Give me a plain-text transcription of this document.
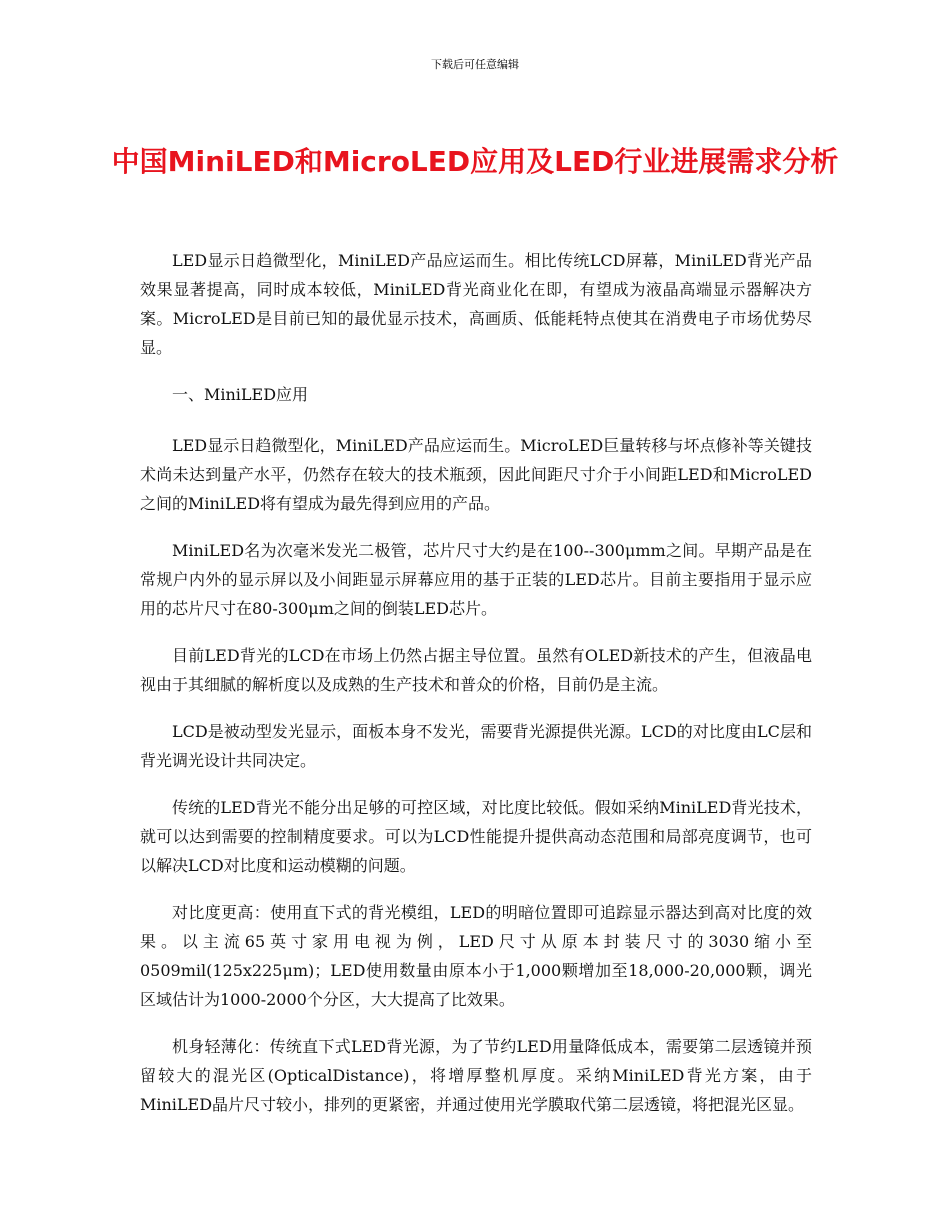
下载后可任意编辑
中国MiniLED和MicroLED应用及LED行业进展需求分析

LED显示日趋微型化，MiniLED产品应运而生。相比传统LCD屏幕，MiniLED背光产品效果显著提高，同时成本较低，MiniLED背光商业化在即，有望成为液晶高端显示器解决方案。MicroLED是目前已知的最优显示技术，高画质、低能耗特点使其在消费电子市场优势尽显。

一、MiniLED应用

LED显示日趋微型化，MiniLED产品应运而生。MicroLED巨量转移与坏点修补等关键技术尚未达到量产水平，仍然存在较大的技术瓶颈，因此间距尺寸介于小间距LED和MicroLED之间的MiniLED将有望成为最先得到应用的产品。

MiniLED名为次毫米发光二极管，芯片尺寸大约是在100--300μmm之间。早期产品是在常规户内外的显示屏以及小间距显示屏幕应用的基于正装的LED芯片。目前主要指用于显示应用的芯片尺寸在80-300μm之间的倒装LED芯片。

目前LED背光的LCD在市场上仍然占据主导位置。虽然有OLED新技术的产生，但液晶电视由于其细腻的解析度以及成熟的生产技术和普众的价格，目前仍是主流。

LCD是被动型发光显示，面板本身不发光，需要背光源提供光源。LCD的对比度由LC层和背光调光设计共同决定。

传统的LED背光不能分出足够的可控区域，对比度比较低。假如采纳MiniLED背光技术，就可以达到需要的控制精度要求。可以为LCD性能提升提供高动态范围和局部亮度调节，也可以解决LCD对比度和运动模糊的问题。

对比度更高：使用直下式的背光模组，LED的明暗位置即可追踪显示器达到高对比度的效果。以主流65英寸家用电视为例，LED尺寸从原本封装尺寸的3030缩小至0509mil(125x225μm)；LED使用数量由原本小于1,000颗增加至18,000-20,000颗，调光区域估计为1000-2000个分区，大大提高了比效果。

机身轻薄化：传统直下式LED背光源，为了节约LED用量降低成本，需要第二层透镜并预留较大的混光区(OpticalDistance)，将增厚整机厚度。采纳MiniLED背光方案，由于MiniLED晶片尺寸较小，排列的更紧密，并通过使用光学膜取代第二层透镜，将把混光区显。
